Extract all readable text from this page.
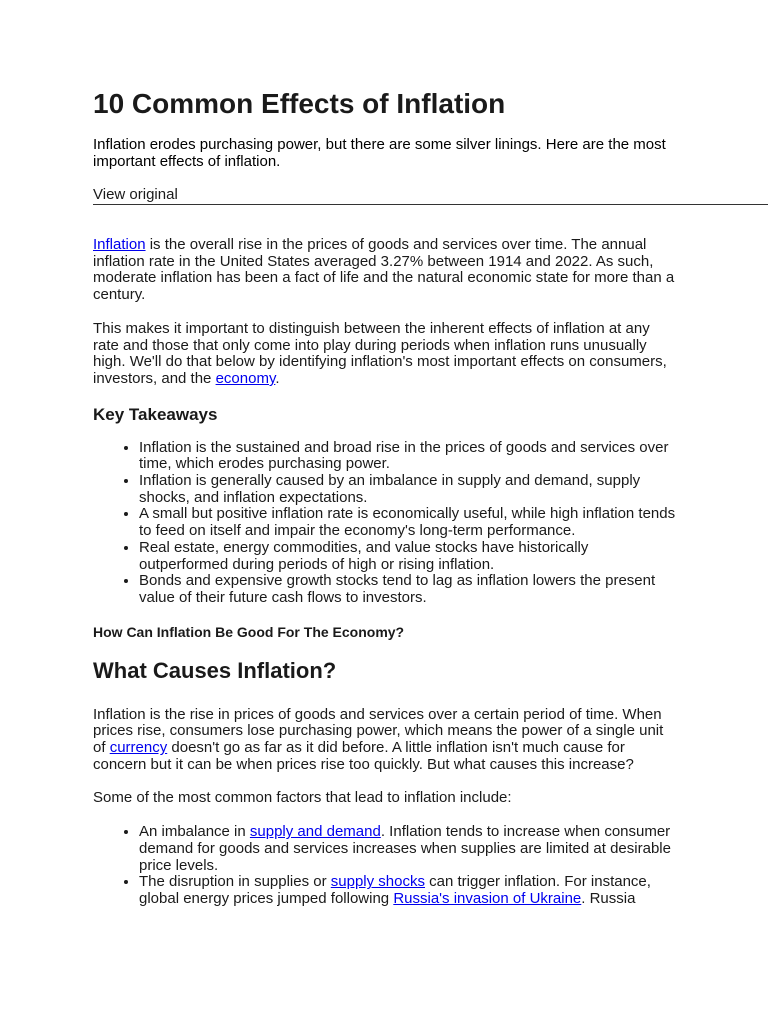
10 Common Effects of Inflation

Inflation erodes purchasing power, but there are some silver linings. Here are the most important effects of inflation.

View original

Inflation is the overall rise in the prices of goods and services over time. The annual inflation rate in the United States averaged 3.27% between 1914 and 2022. As such, moderate inflation has been a fact of life and the natural economic state for more than a century.

This makes it important to distinguish between the inherent effects of inflation at any rate and those that only come into play during periods when inflation runs unusually high. We'll do that below by identifying inflation's most important effects on consumers, investors, and the economy.

Key Takeaways
• Inflation is the sustained and broad rise in the prices of goods and services over time, which erodes purchasing power.
• Inflation is generally caused by an imbalance in supply and demand, supply shocks, and inflation expectations.
• A small but positive inflation rate is economically useful, while high inflation tends to feed on itself and impair the economy's long-term performance.
• Real estate, energy commodities, and value stocks have historically outperformed during periods of high or rising inflation.
• Bonds and expensive growth stocks tend to lag as inflation lowers the present value of their future cash flows to investors.
How Can Inflation Be Good For The Economy?
What Causes Inflation?

Inflation is the rise in prices of goods and services over a certain period of time. When prices rise, consumers lose purchasing power, which means the power of a single unit of currency doesn't go as far as it did before. A little inflation isn't much cause for concern but it can be when prices rise too quickly. But what causes this increase?

Some of the most common factors that lead to inflation include:

• An imbalance in supply and demand. Inflation tends to increase when consumer demand for goods and services increases when supplies are limited at desirable price levels.
• The disruption in supplies or supply shocks can trigger inflation. For instance, global energy prices jumped following Russia's invasion of Ukraine. Russia
